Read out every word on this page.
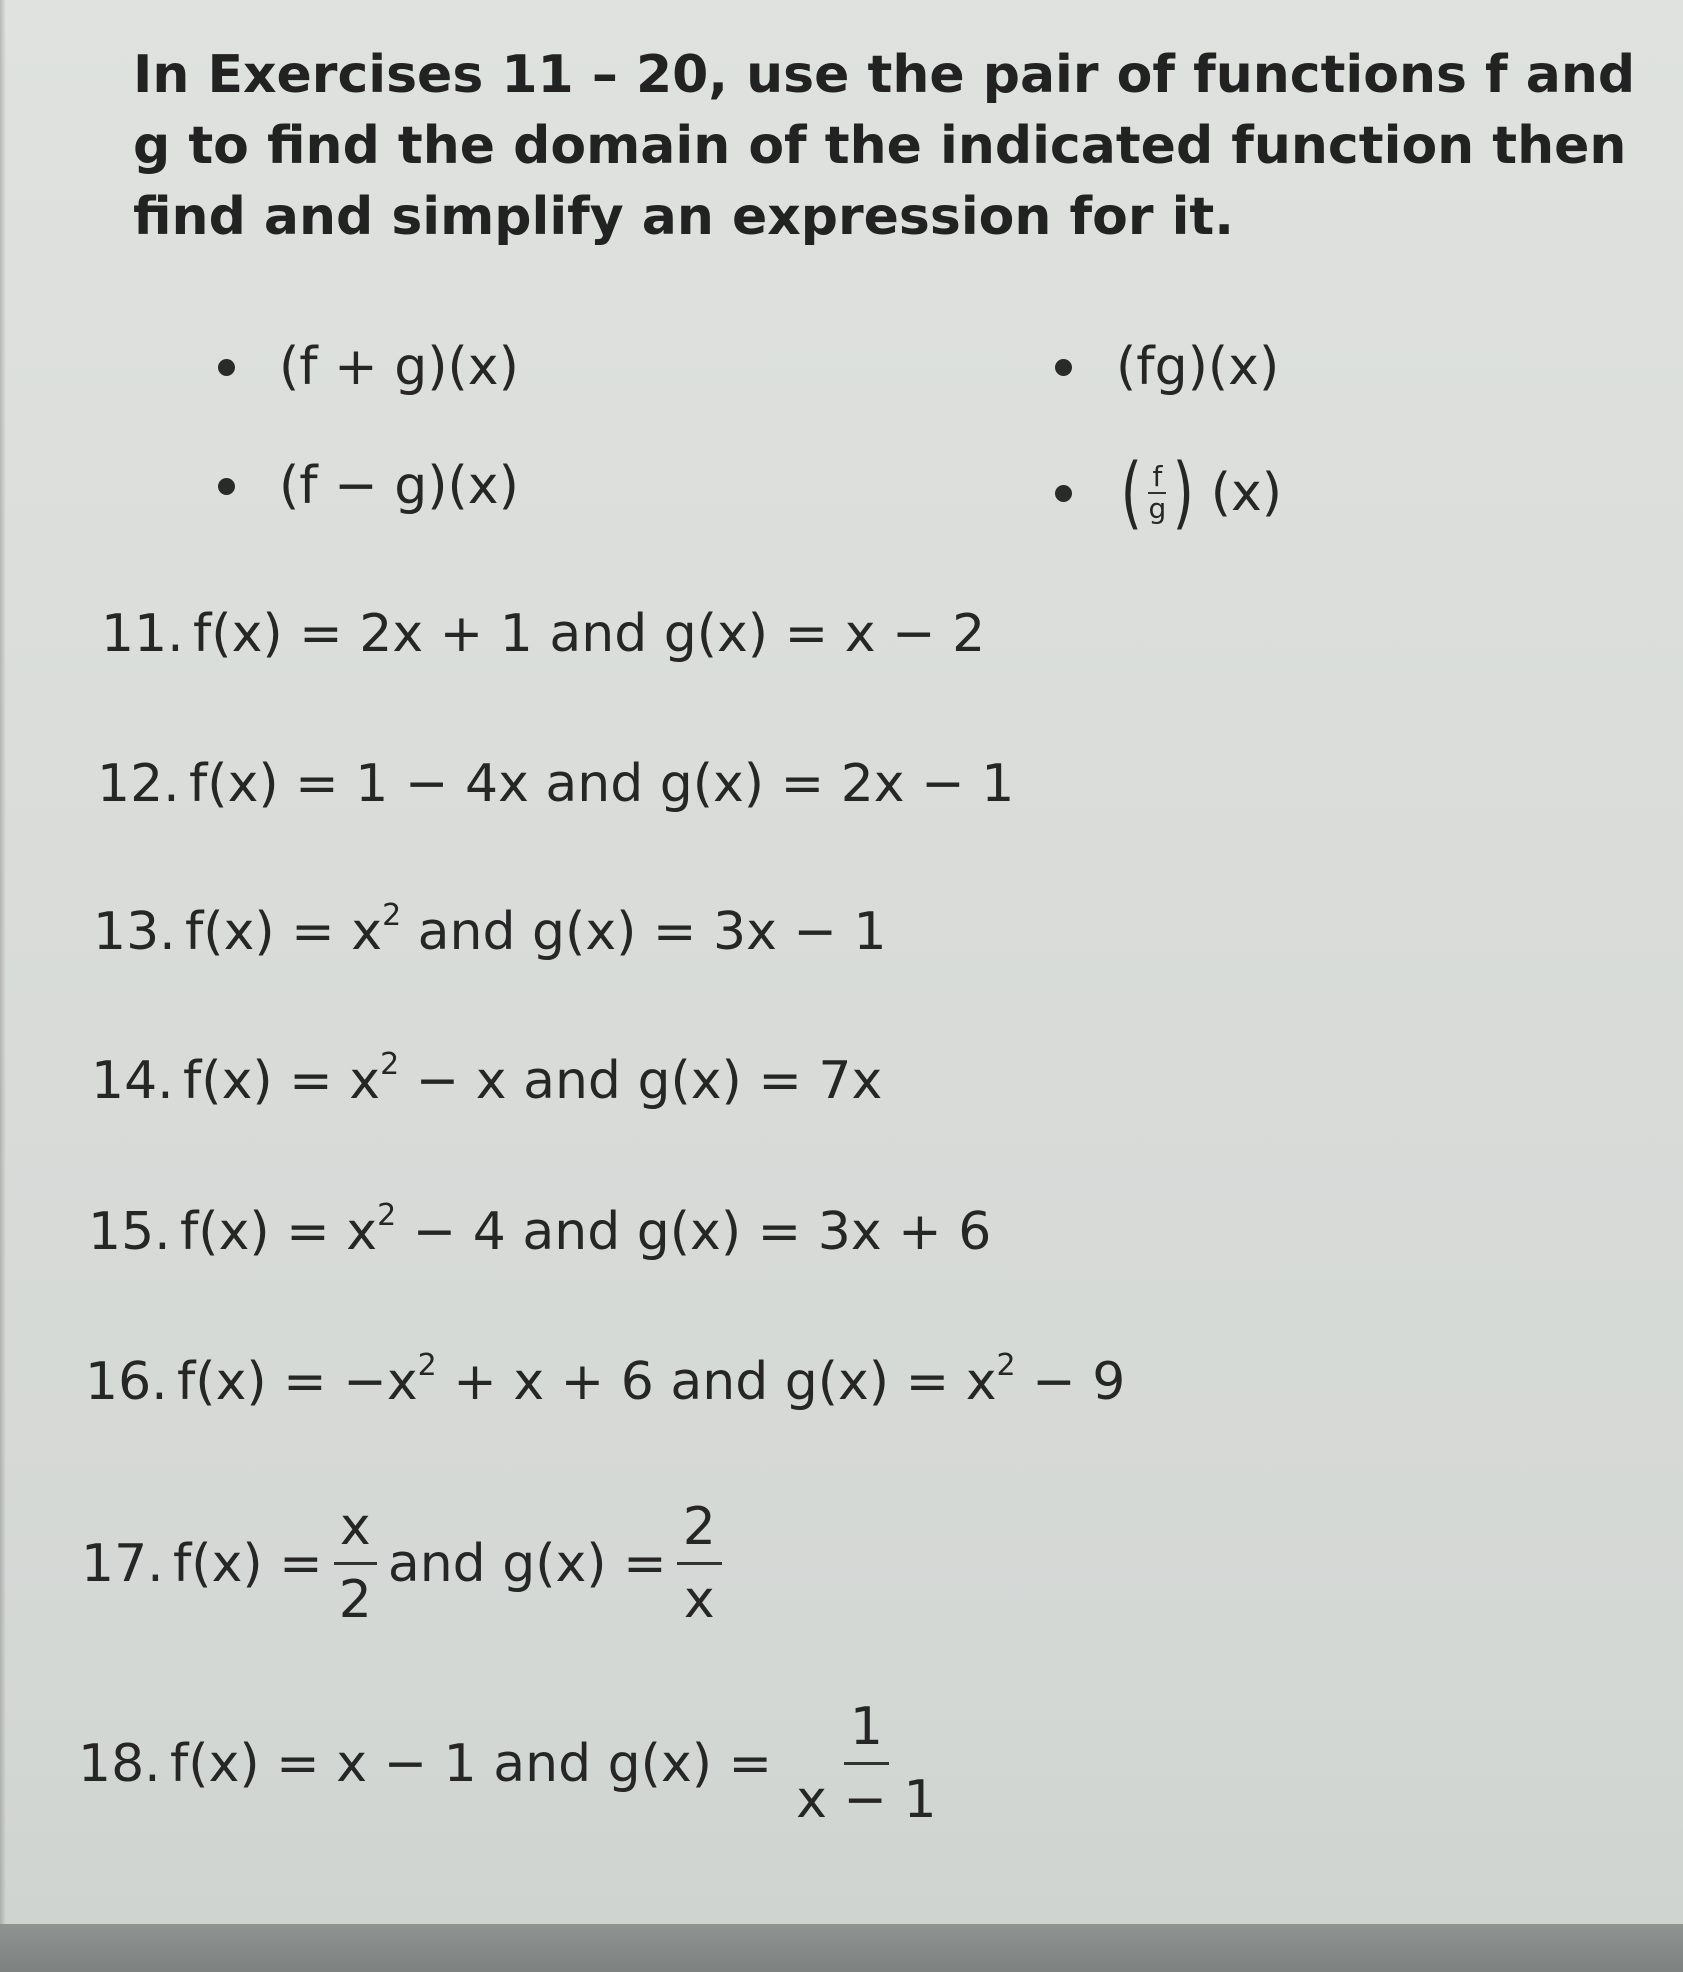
In Exercises 11 – 20, use the pair of functions f and g to find the domain of the indicated function then find and simplify an expression for it.

(f + g)(x)
(f − g)(x)
(fg)(x)
( $\frac{f}{g}$ ) (x)
11. f(x) = 2x + 1 and g(x) = x − 2
12. f(x) = 1 − 4x and g(x) = 2x − 1
13. $f(x) = x^2$ and g(x) = 3x − 1
14. $f(x) = x^2 - x$ and g(x) = 7x
15. $f(x) = x^2 - 4$ and g(x) = 3x + 6
16. $f(x) = -x^2 + x + 6$ and $g(x) = x^2 - 9$
17. $f(x) = \frac{x}{2}$ and $g(x) = \frac{2}{x}$
18. f(x) = x − 1 and $g(x) = \frac{1}{x - 1}$
